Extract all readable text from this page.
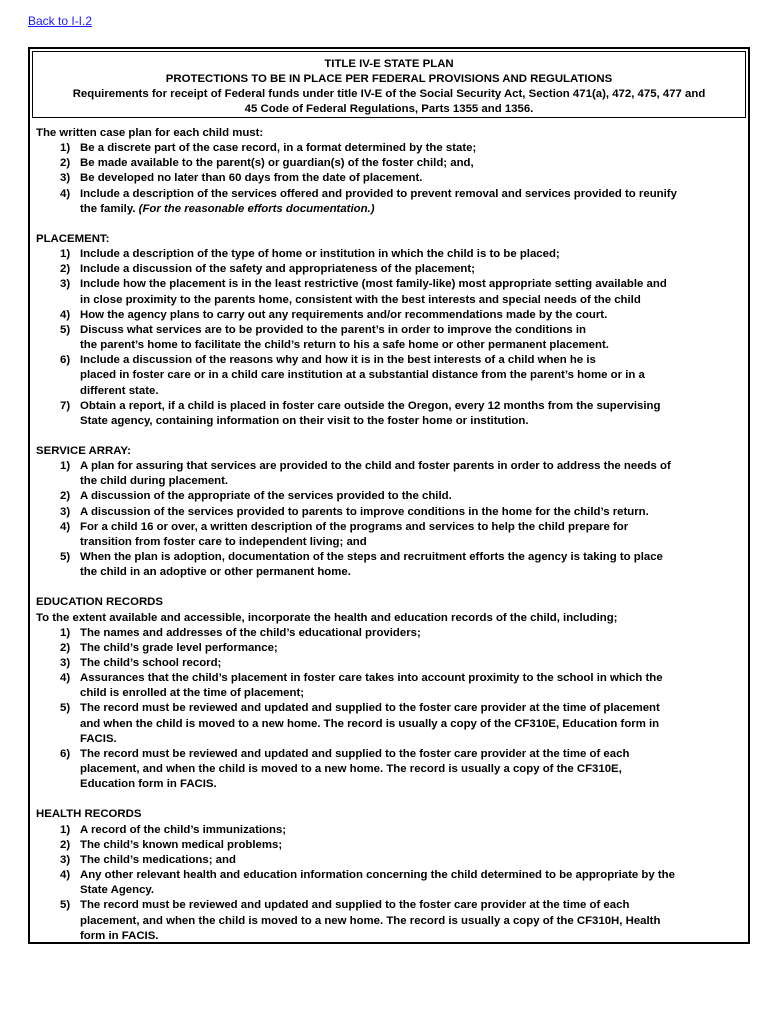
Back to I-I.2
TITLE IV-E STATE PLAN
PROTECTIONS TO BE IN PLACE PER FEDERAL PROVISIONS AND REGULATIONS
Requirements for receipt of Federal funds under title IV-E of the Social Security Act, Section 471(a), 472, 475, 477 and
45 Code of Federal Regulations, Parts 1355 and 1356.
The written case plan for each child must:
1) Be a discrete part of the case record, in a format determined by the state;
2) Be made available to the parent(s) or guardian(s) of the foster child; and,
3) Be developed no later than 60 days from the date of placement.
4) Include a description of the services offered and provided to prevent removal and services provided to reunify
the family. (For the reasonable efforts documentation.)
PLACEMENT:
1) Include a description of the type of home or institution in which the child is to be placed;
2) Include a discussion of the safety and appropriateness of the placement;
3) Include how the placement is in the least restrictive (most family-like) most appropriate setting available and
in close proximity to the parents home, consistent with the best interests and special needs of the child
4) How the agency plans to carry out any requirements and/or recommendations made by the court.
5) Discuss what services are to be provided to the parent’s in order to improve the conditions in
the parent’s home to facilitate the child’s return to his a safe home or other permanent placement.
6) Include a discussion of the reasons why and how it is in the best interests of a child when he is
placed in foster care or in a child care institution at a substantial distance from the parent’s home or in a
different state.
7) Obtain a report, if a child is placed in foster care outside the Oregon, every 12 months from the supervising
State agency, containing information on their visit to the foster home or institution.
SERVICE ARRAY:
1) A plan for assuring that services are provided to the child and foster parents in order to address the needs of
the child during placement.
2) A discussion of the appropriate of the services provided to the child.
3) A discussion of the services provided to parents to improve conditions in the home for the child’s return.
4) For a child 16 or over, a written description of the programs and services to help the child prepare for
transition from foster care to independent living; and
5) When the plan is adoption, documentation of the steps and recruitment efforts the agency is taking to place
the child in an adoptive or other permanent home.
EDUCATION RECORDS
To the extent available and accessible, incorporate the health and education records of the child, including;
1) The names and addresses of the child’s educational providers;
2) The child’s grade level performance;
3) The child’s school record;
4) Assurances that the child’s placement in foster care takes into account proximity to the school in which the
child is enrolled at the time of placement;
5) The record must be reviewed and updated and supplied to the foster care provider at the time of placement
and when the child is moved to a new home. The record is usually a copy of the CF310E, Education form in
FACIS.
6) The record must be reviewed and updated and supplied to the foster care provider at the time of each
placement, and when the child is moved to a new home. The record is usually a copy of the CF310E,
Education form in FACIS.
HEALTH RECORDS
1) A record of the child’s immunizations;
2) The child’s known medical problems;
3) The child’s medications; and
4) Any other relevant health and education information concerning the child determined to be appropriate by the
State Agency.
5) The record must be reviewed and updated and supplied to the foster care provider at the time of each
placement, and when the child is moved to a new home. The record is usually a copy of the CF310H, Health
form in FACIS.
